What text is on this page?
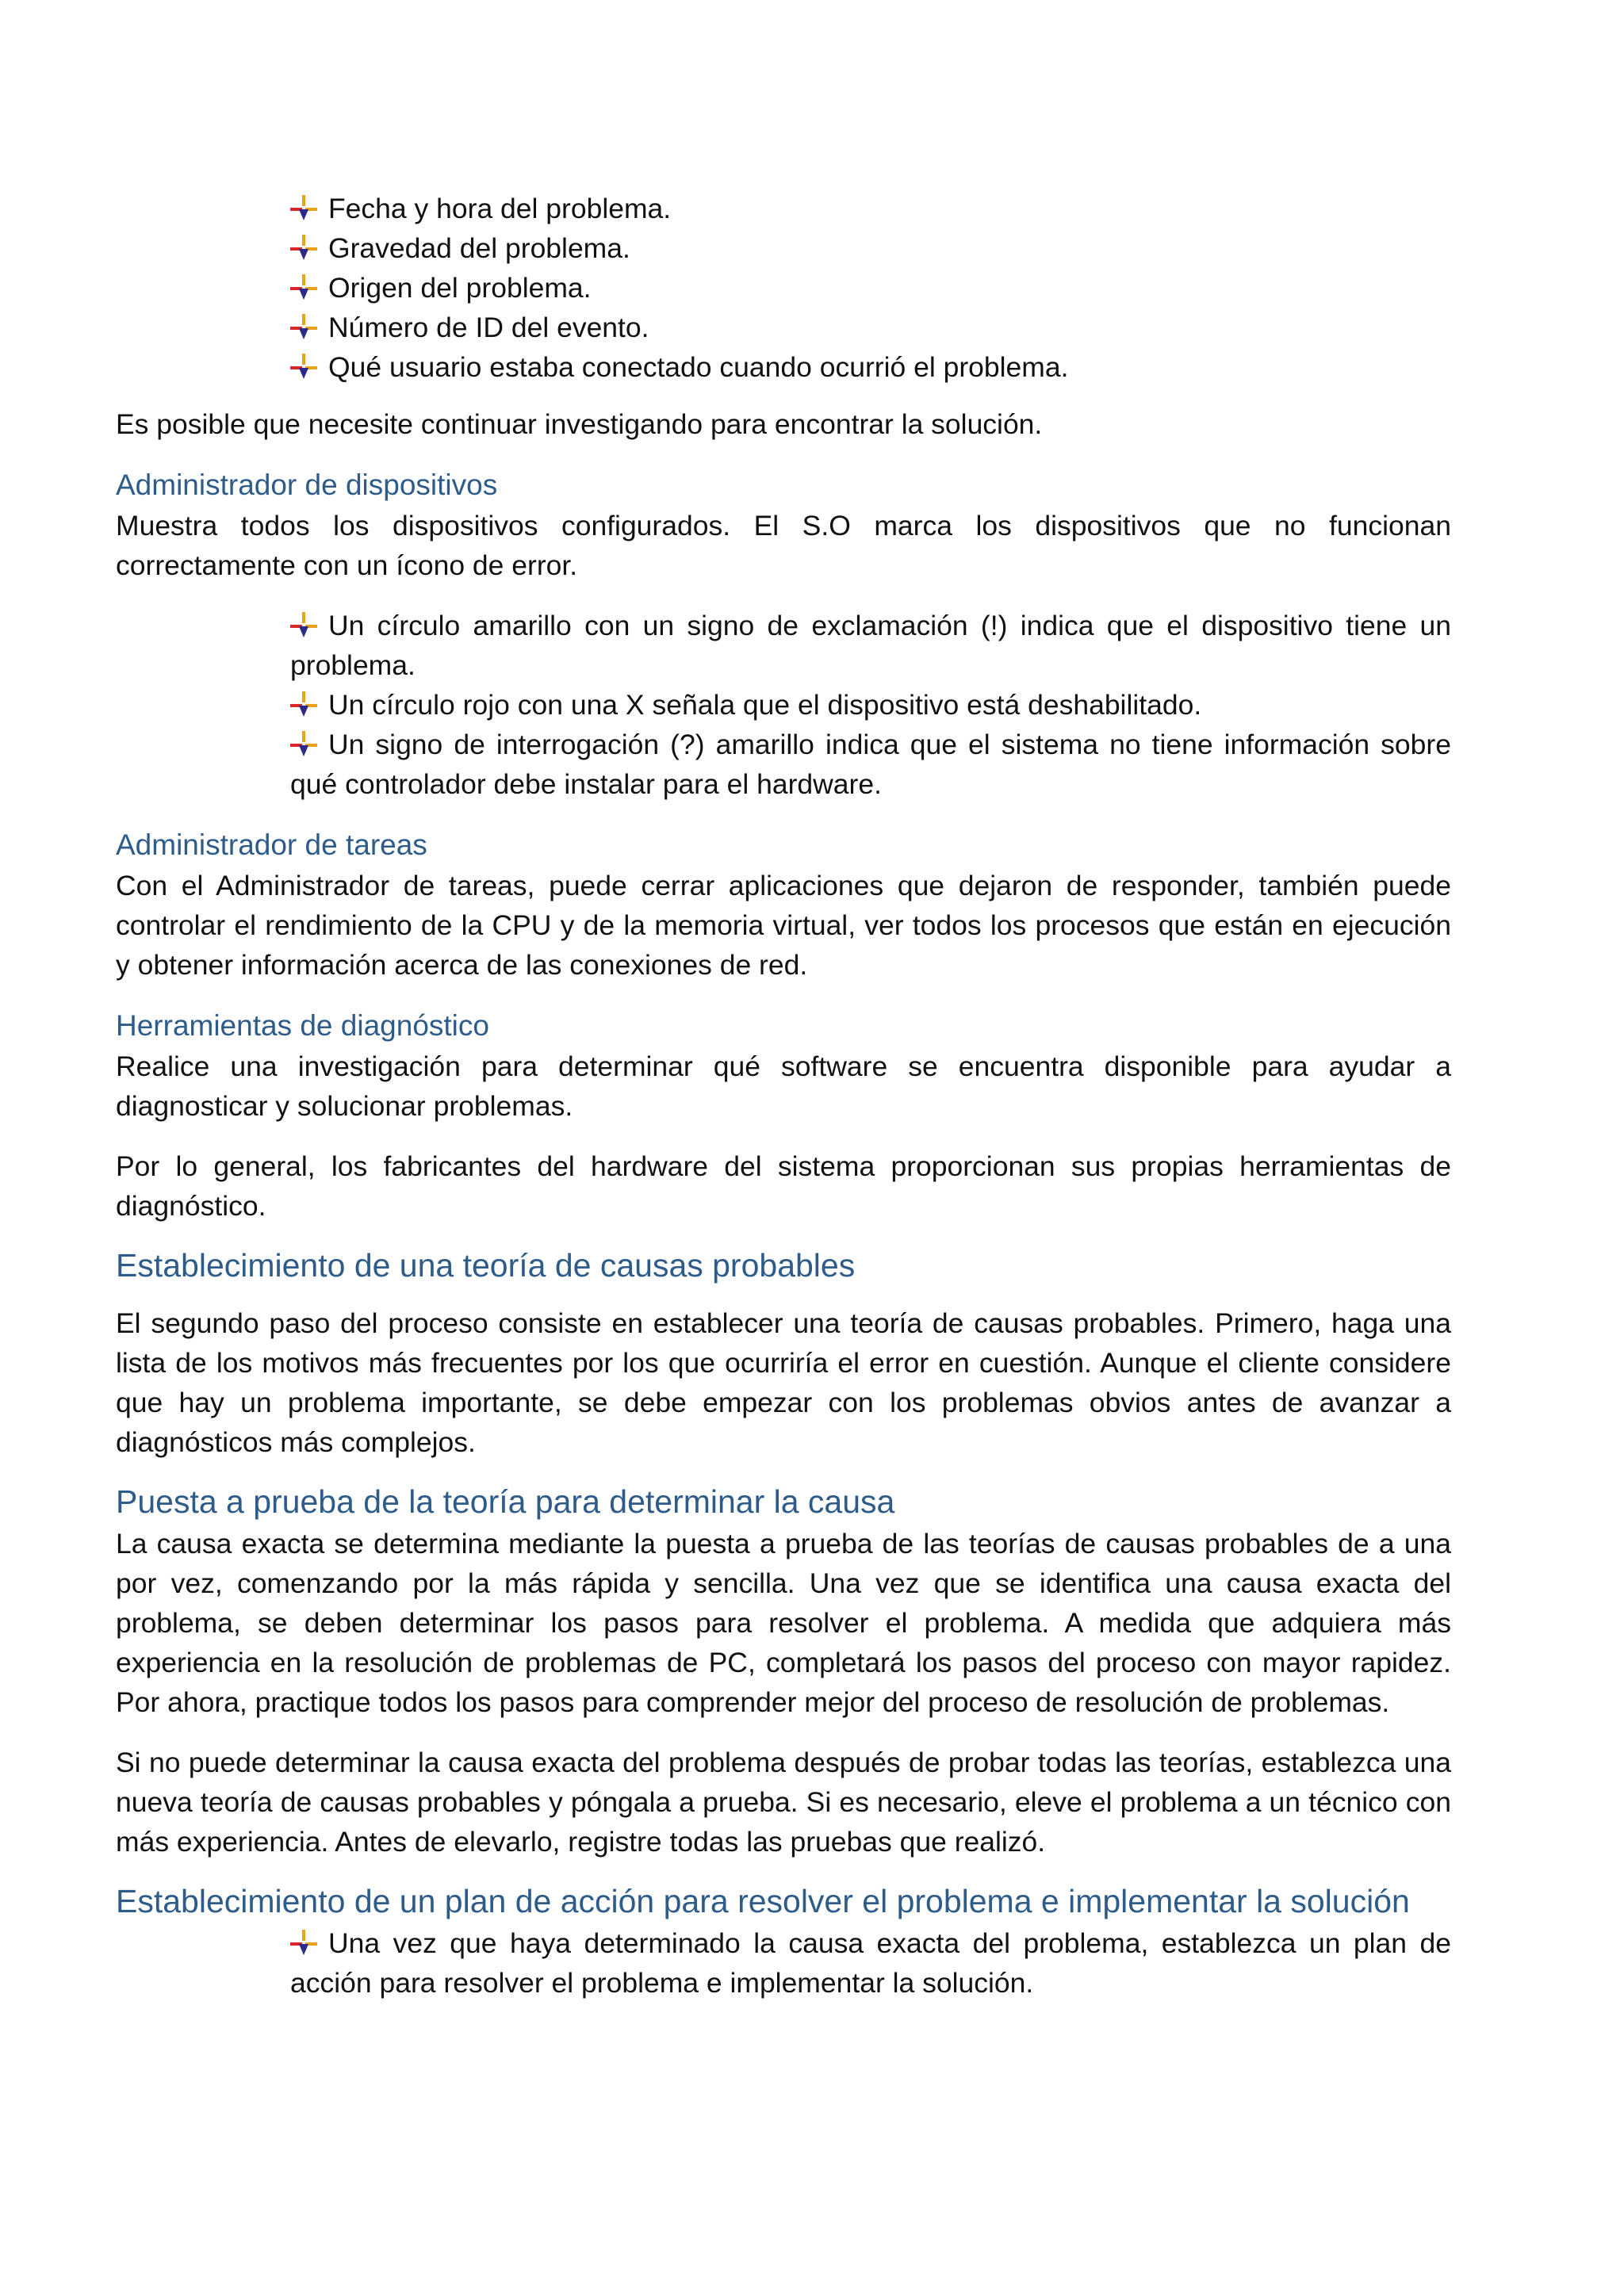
Fecha y hora del problema.
Gravedad del problema.
Origen del problema.
Número de ID del evento.
Qué usuario estaba conectado cuando ocurrió el problema.

Es posible que necesite continuar investigando para encontrar la solución.

Administrador de dispositivos

Muestra todos los dispositivos configurados. El S.O marca los dispositivos que no funcionan correctamente con un ícono de error.

Un círculo amarillo con un signo de exclamación (!) indica que el dispositivo tiene un problema.
Un círculo rojo con una X señala que el dispositivo está deshabilitado.
Un signo de interrogación (?) amarillo indica que el sistema no tiene información sobre qué controlador debe instalar para el hardware.
Administrador de tareas

Con el Administrador de tareas, puede cerrar aplicaciones que dejaron de responder, también puede controlar el rendimiento de la CPU y de la memoria virtual, ver todos los procesos que están en ejecución y obtener información acerca de las conexiones de red.

Herramientas de diagnóstico

Realice una investigación para determinar qué software se encuentra disponible para ayudar a diagnosticar y solucionar problemas.

Por lo general, los fabricantes del hardware del sistema proporcionan sus propias herramientas de diagnóstico.

Establecimiento de una teoría de causas probables

El segundo paso del proceso consiste en establecer una teoría de causas probables. Primero, haga una lista de los motivos más frecuentes por los que ocurriría el error en cuestión. Aunque el cliente considere que hay un problema importante, se debe empezar con los problemas obvios antes de avanzar a diagnósticos más complejos.

Puesta a prueba de la teoría para determinar la causa

La causa exacta se determina mediante la puesta a prueba de las teorías de causas probables de a una por vez, comenzando por la más rápida y sencilla. Una vez que se identifica una causa exacta del problema, se deben determinar los pasos para resolver el problema. A medida que adquiera más experiencia en la resolución de problemas de PC, completará los pasos del proceso con mayor rapidez. Por ahora, practique todos los pasos para comprender mejor del proceso de resolución de problemas.

Si no puede determinar la causa exacta del problema después de probar todas las teorías, establezca una nueva teoría de causas probables y póngala a prueba. Si es necesario, eleve el problema a un técnico con más experiencia. Antes de elevarlo, registre todas las pruebas que realizó.

Establecimiento de un plan de acción para resolver el problema e implementar la solución
Una vez que haya determinado la causa exacta del problema, establezca un plan de acción para resolver el problema e implementar la solución.
